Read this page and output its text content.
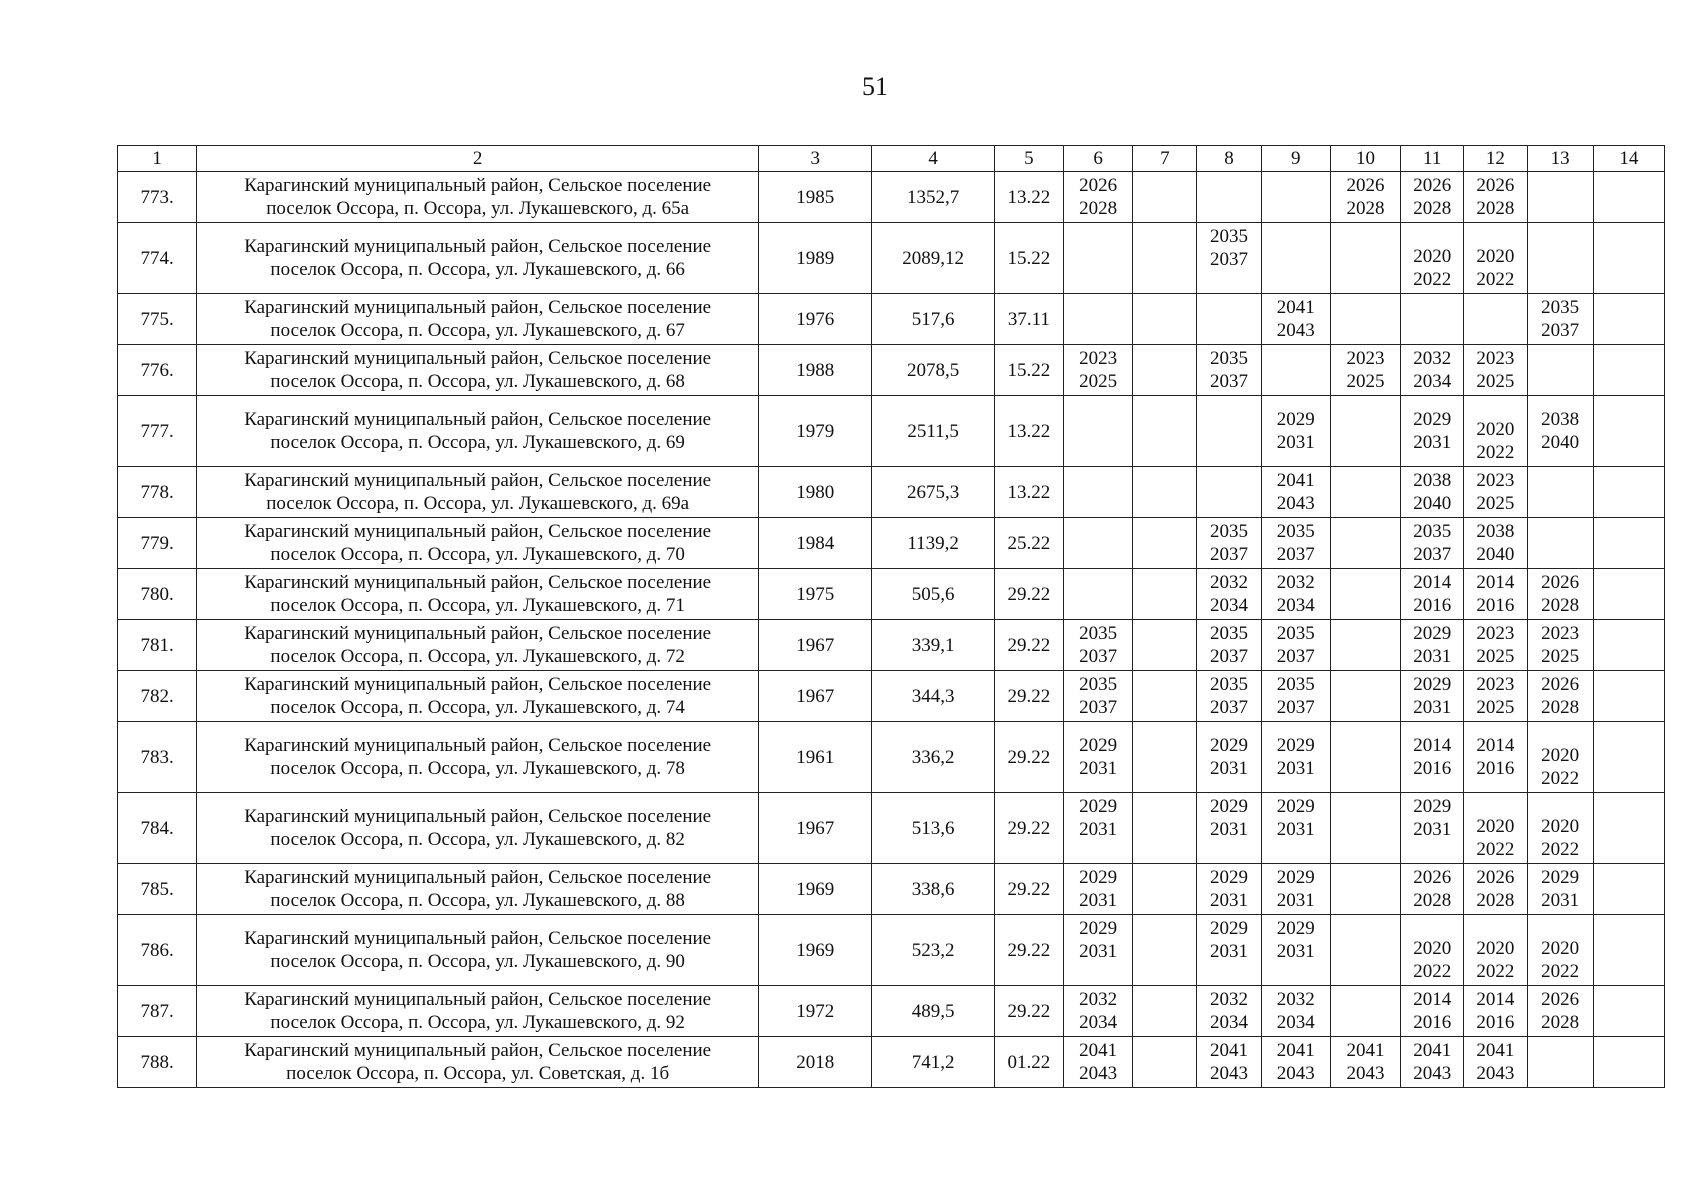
51
1	2	3	4	5	6	7	8	9	10	11	12	13	14
773.	Карагинский муниципальный район, Сельское поселение
поселок Оссора, п. Оссора, ул. Лукашевского, д. 65а	1985	1352,7	13.22	2026
2028				2026
2028	2026
2028	2026
2028		

774.	Карагинский муниципальный район, Сельское поселение
поселок Оссора, п. Оссора, ул. Лукашевского, д. 66	1989	2089,12	15.22			2035
2037			2020
2022	2020
2022		

775.	Карагинский муниципальный район, Сельское поселение
поселок Оссора, п. Оссора, ул. Лукашевского, д. 67	1976	517,6	37.11				2041
2043				2035
2037	

776.	Карагинский муниципальный район, Сельское поселение
поселок Оссора, п. Оссора, ул. Лукашевского, д. 68	1988	2078,5	15.22	2023
2025		2035
2037		2023
2025	2032
2034	2023
2025		

777.	Карагинский муниципальный район, Сельское поселение
поселок Оссора, п. Оссора, ул. Лукашевского, д. 69	1979	2511,5	13.22				2029
2031		2029
2031	2020
2022	2038
2040	

778.	Карагинский муниципальный район, Сельское поселение
поселок Оссора, п. Оссора, ул. Лукашевского, д. 69а	1980	2675,3	13.22				2041
2043		2038
2040	2023
2025		

779.	Карагинский муниципальный район, Сельское поселение
поселок Оссора, п. Оссора, ул. Лукашевского, д. 70	1984	1139,2	25.22			2035
2037	2035
2037		2035
2037	2038
2040		

780.	Карагинский муниципальный район, Сельское поселение
поселок Оссора, п. Оссора, ул. Лукашевского, д. 71	1975	505,6	29.22			2032
2034	2032
2034		2014
2016	2014
2016	2026
2028	

781.	Карагинский муниципальный район, Сельское поселение
поселок Оссора, п. Оссора, ул. Лукашевского, д. 72	1967	339,1	29.22	2035
2037		2035
2037	2035
2037		2029
2031	2023
2025	2023
2025	

782.	Карагинский муниципальный район, Сельское поселение
поселок Оссора, п. Оссора, ул. Лукашевского, д. 74	1967	344,3	29.22	2035
2037		2035
2037	2035
2037		2029
2031	2023
2025	2026
2028	

783.	Карагинский муниципальный район, Сельское поселение
поселок Оссора, п. Оссора, ул. Лукашевского, д. 78	1961	336,2	29.22	2029
2031		2029
2031	2029
2031		2014
2016	2014
2016	2020
2022	

784.	Карагинский муниципальный район, Сельское поселение
поселок Оссора, п. Оссора, ул. Лукашевского, д. 82	1967	513,6	29.22	2029
2031		2029
2031	2029
2031		2029
2031	2020
2022	2020
2022	

785.	Карагинский муниципальный район, Сельское поселение
поселок Оссора, п. Оссора, ул. Лукашевского, д. 88	1969	338,6	29.22	2029
2031		2029
2031	2029
2031		2026
2028	2026
2028	2029
2031	

786.	Карагинский муниципальный район, Сельское поселение
поселок Оссора, п. Оссора, ул. Лукашевского, д. 90	1969	523,2	29.22	2029
2031		2029
2031	2029
2031		2020
2022	2020
2022	2020
2022	

787.	Карагинский муниципальный район, Сельское поселение
поселок Оссора, п. Оссора, ул. Лукашевского, д. 92	1972	489,5	29.22	2032
2034		2032
2034	2032
2034		2014
2016	2014
2016	2026
2028	

788.	Карагинский муниципальный район, Сельское поселение
поселок Оссора, п. Оссора, ул. Советская, д. 1б	2018	741,2	01.22	2041
2043		2041
2043	2041
2043	2041
2043	2041
2043	2041
2043		
